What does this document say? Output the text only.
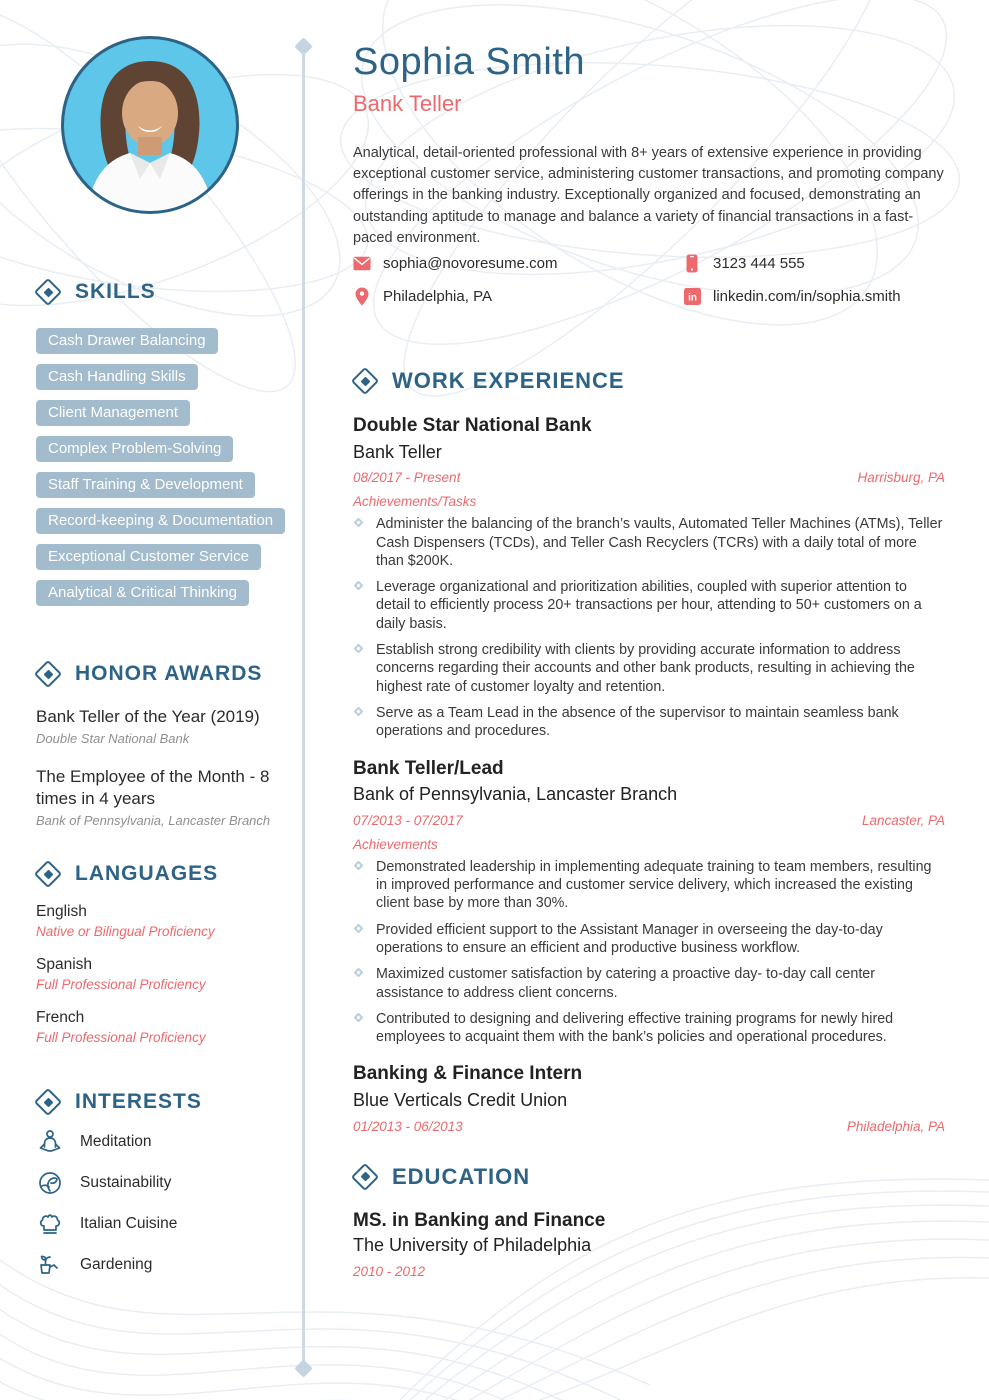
Sophia Smith
Bank Teller

Analytical, detail-oriented professional with 8+ years of extensive experience in providing exceptional customer service, administering customer transactions, and promoting company offerings in the banking industry. Exceptionally organized and focused, demonstrating an outstanding aptitude to manage and balance a variety of financial transactions in a fast-paced environment.

sophia@novoresume.com	3123 444 555
Philadelphia, PA	in linkedin.com/in/sophia.smith
SKILLS
Cash Drawer Balancing
Cash Handling Skills
Client Management
Complex Problem-Solving
Staff Training & Development
Record-keeping & Documentation
Exceptional Customer Service
Analytical & Critical Thinking
HONOR AWARDS
Bank Teller of the Year (2019)
Double Star National Bank
The Employee of the Month - 8 times in 4 years
Bank of Pennsylvania, Lancaster Branch
LANGUAGES
English
Native or Bilingual Proficiency
Spanish
Full Professional Proficiency
French
Full Professional Proficiency
INTERESTS
Meditation
Sustainability
Italian Cuisine
Gardening
WORK EXPERIENCE
Double Star National Bank
Bank Teller
08/2017 - Present	Harrisburg, PA
Achievements/Tasks
Administer the balancing of the branch’s vaults, Automated Teller Machines (ATMs), Teller Cash Dispensers (TCDs), and Teller Cash Recyclers (TCRs) with a daily total of more than $200K.
Leverage organizational and prioritization abilities, coupled with superior attention to detail to efficiently process 20+ transactions per hour, attending to 50+ customers on a daily basis.
Establish strong credibility with clients by providing accurate information to address concerns regarding their accounts and other bank products, resulting in achieving the highest rate of customer loyalty and retention.
Serve as a Team Lead in the absence of the supervisor to maintain seamless bank operations and procedures.
Bank Teller/Lead
Bank of Pennsylvania, Lancaster Branch
07/2013 - 07/2017	Lancaster, PA
Achievements
Demonstrated leadership in implementing adequate training to team members, resulting in improved performance and customer service delivery, which increased the existing client base by more than 30%.
Provided efficient support to the Assistant Manager in overseeing the day-to-day operations to ensure an efficient and productive business workflow.
Maximized customer satisfaction by catering a proactive day- to-day call center assistance to address client concerns.
Contributed to designing and delivering effective training programs for newly hired employees to acquaint them with the bank’s policies and operational procedures.
Banking & Finance Intern
Blue Verticals Credit Union
01/2013 - 06/2013	Philadelphia, PA
EDUCATION
MS. in Banking and Finance
The University of Philadelphia
2010 - 2012
